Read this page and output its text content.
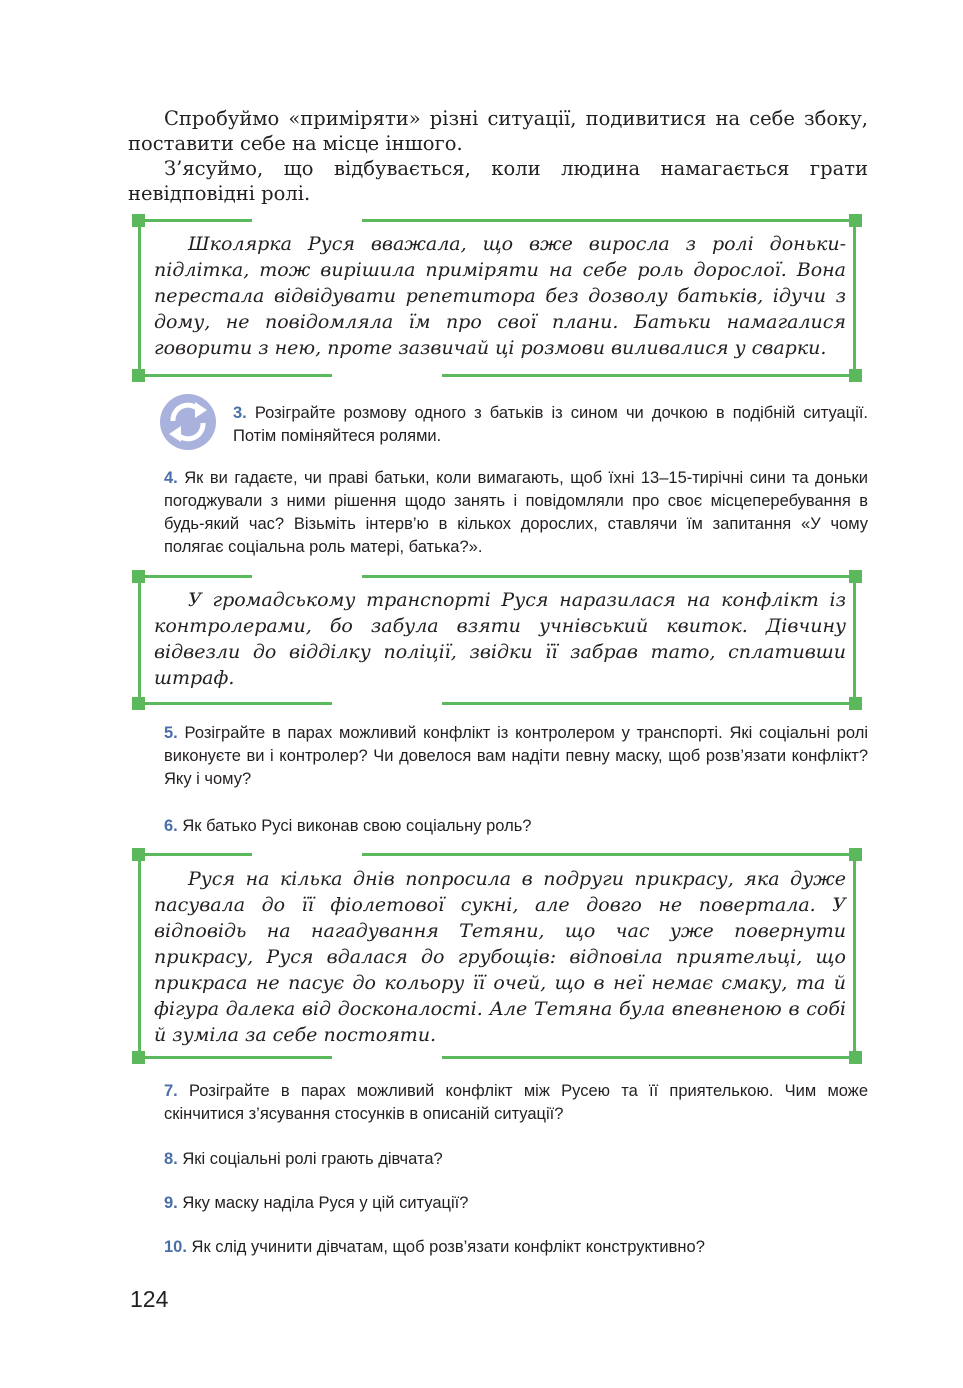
Спробуймо «приміряти» різні ситуації, подивитися на себе збоку, поставити себе на місце іншого.

З’ясуймо, що відбувається, коли людина намагається грати невідповідні ролі.

Школярка Руся вважала, що вже виросла з ролі доньки-підлітка, тож вирішила приміряти на себе роль дорослої. Вона перестала відвідувати репетитора без дозволу батьків, ідучи з дому, не повідомляла їм про свої плани. Батьки намагалися говорити з нею, проте зазвичай ці розмови виливалися у сварки.

3. Розіграйте розмову одного з батьків із сином чи дочкою в подібній ситуації. Потім поміняйтеся ролями.
4. Як ви гадаєте, чи праві батьки, коли вимагають, щоб їхні 13–15-тирічні сини та доньки погоджували з ними рішення щодо занять і повідомляли про своє місцеперебування в будь-який час? Візьміть інтерв’ю в кількох дорослих, ставлячи їм запитання «У чому полягає соціальна роль матері, батька?».

У громадському транспорті Руся наразилася на конфлікт із контролерами, бо забула взяти учнівський квиток. Дівчину відвезли до відділку поліції, звідки її забрав тато, сплативши штраф.

5. Розіграйте в парах можливий конфлікт із контролером у транспорті. Які соціальні ролі виконуєте ви і контролер? Чи довелося вам надіти певну маску, щоб розв’язати конфлікт? Яку і чому?
6. Як батько Русі виконав свою соціальну роль?

Руся на кілька днів попросила в подруги прикрасу, яка дуже пасувала до її фіолетової сукні, але довго не повертала. У відповідь на нагадування Тетяни, що час уже повернути прикрасу, Руся вдалася до грубощів: відповіла приятельці, що прикраса не пасує до кольору її очей, що в неї немає смаку, та й фігура далека від досконалості. Але Тетяна була впевненою в собі й зуміла за себе постояти.

7. Розіграйте в парах можливий конфлікт між Русею та її приятелькою. Чим може скінчитися з’ясування стосунків в описаній ситуації?
8. Які соціальні ролі грають дівчата?
9. Яку маску наділа Руся у цій ситуації?
10. Як слід учинити дівчатам, щоб розв’язати конфлікт конструктивно?
124
